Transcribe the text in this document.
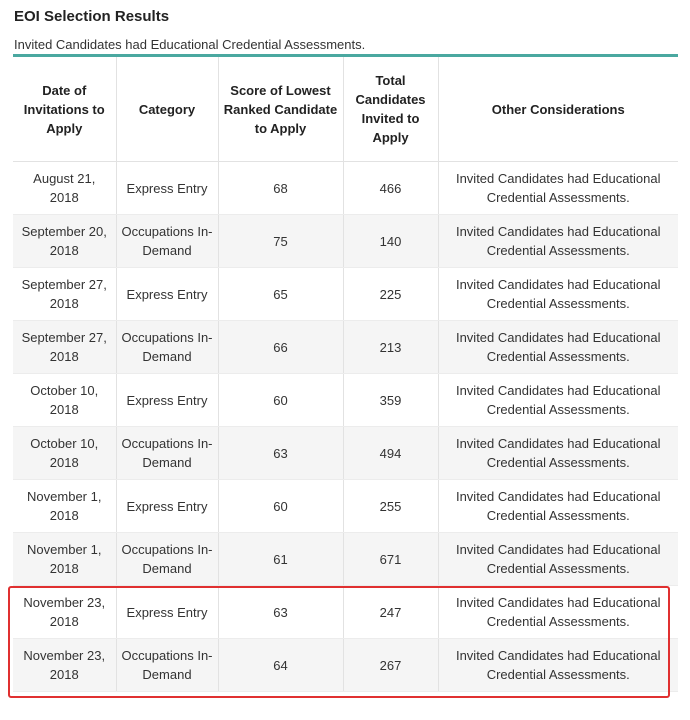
EOI Selection Results
Invited Candidates had Educational Credential Assessments.
Date of Invitations to Apply	Category	Score of Lowest Ranked Candidate to Apply	Total Candidates Invited to Apply	Other Considerations
August 21, 2018	Express Entry	68	466	Invited Candidates had Educational Credential Assessments.
September 20, 2018	Occupations In-Demand	75	140	Invited Candidates had Educational Credential Assessments.
September 27, 2018	Express Entry	65	225	Invited Candidates had Educational Credential Assessments.
September 27, 2018	Occupations In-Demand	66	213	Invited Candidates had Educational Credential Assessments.
October 10, 2018	Express Entry	60	359	Invited Candidates had Educational Credential Assessments.
October 10, 2018	Occupations In-Demand	63	494	Invited Candidates had Educational Credential Assessments.
November 1, 2018	Express Entry	60	255	Invited Candidates had Educational Credential Assessments.
November 1, 2018	Occupations In-Demand	61	671	Invited Candidates had Educational Credential Assessments.
November 23, 2018	Express Entry	63	247	Invited Candidates had Educational Credential Assessments.
November 23, 2018	Occupations In-Demand	64	267	Invited Candidates had Educational Credential Assessments.
